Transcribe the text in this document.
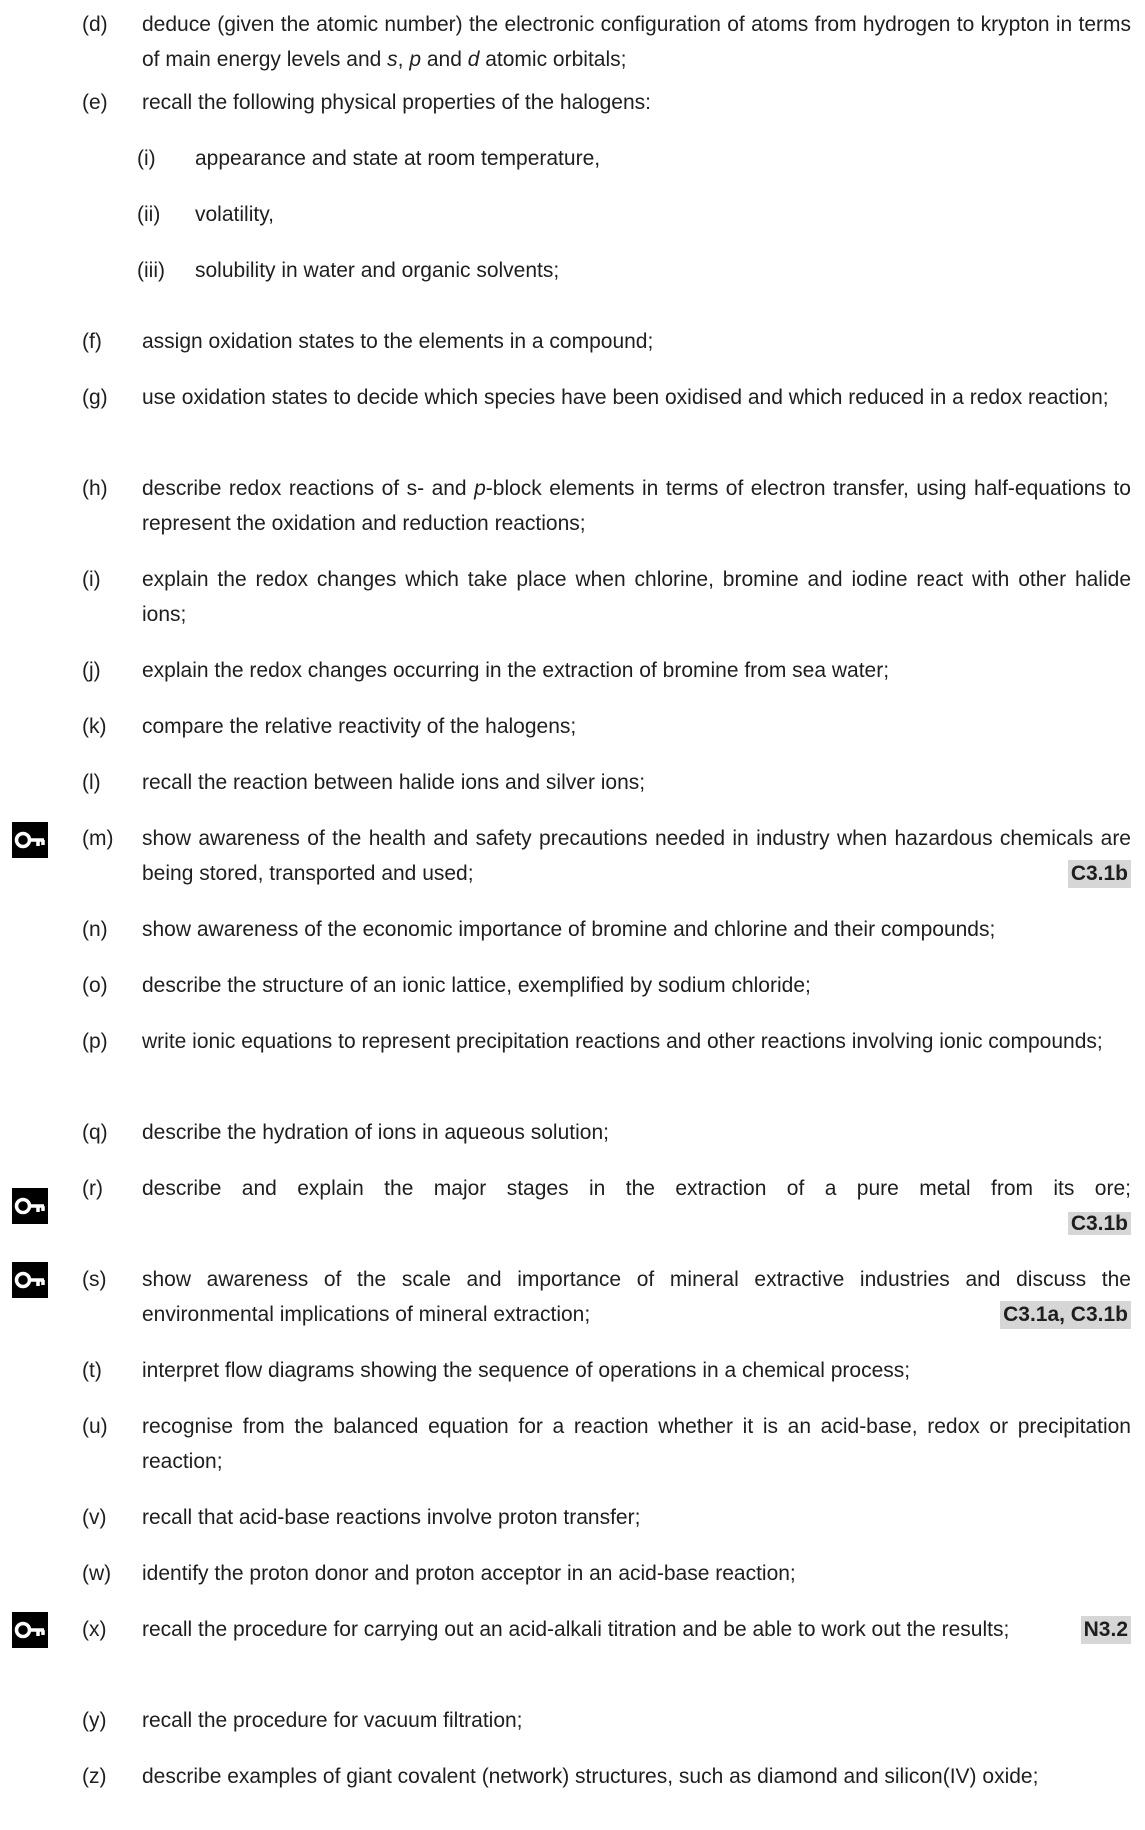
(d) deduce (given the atomic number) the electronic configuration of atoms from hydrogen to krypton in terms of main energy levels and s, p and d atomic orbitals;
(e) recall the following physical properties of the halogens:
(i) appearance and state at room temperature,
(ii) volatility,
(iii) solubility in water and organic solvents;
(f) assign oxidation states to the elements in a compound;
(g) use oxidation states to decide which species have been oxidised and which reduced in a redox reaction;
(h) describe redox reactions of s- and p-block elements in terms of electron transfer, using half-equations to represent the oxidation and reduction reactions;
(i) explain the redox changes which take place when chlorine, bromine and iodine react with other halide ions;
(j) explain the redox changes occurring in the extraction of bromine from sea water;
(k) compare the relative reactivity of the halogens;
(l) recall the reaction between halide ions and silver ions;
(m) show awareness of the health and safety precautions needed in industry when hazardous chemicals are being stored, transported and used;	C3.1b
(n) show awareness of the economic importance of bromine and chlorine and their compounds;
(o) describe the structure of an ionic lattice, exemplified by sodium chloride;
(p) write ionic equations to represent precipitation reactions and other reactions involving ionic compounds;
(q) describe the hydration of ions in aqueous solution;
(r) describe and explain the major stages in the extraction of a pure metal from its ore;
C3.1b
(s) show awareness of the scale and importance of mineral extractive industries and discuss the environmental implications of mineral extraction;	C3.1a, C3.1b
(t) interpret flow diagrams showing the sequence of operations in a chemical process;
(u) recognise from the balanced equation for a reaction whether it is an acid-base, redox or precipitation reaction;
(v) recall that acid-base reactions involve proton transfer;
(w) identify the proton donor and proton acceptor in an acid-base reaction;
(x) recall the procedure for carrying out an acid-alkali titration and be able to work out the results;	N3.2
(y) recall the procedure for vacuum filtration;
(z) describe examples of giant covalent (network) structures, such as diamond and silicon(IV) oxide;
